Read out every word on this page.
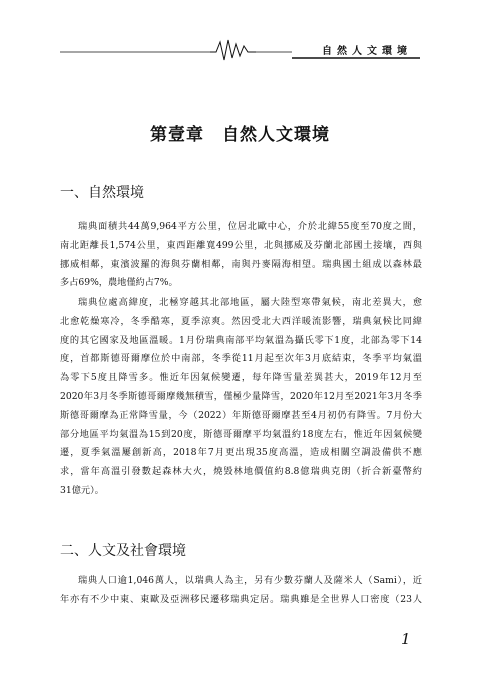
自然人文環境
第壹章　自然人文環境
一、自然環境
瑞典面積共44萬9,964平方公里，位居北歐中心，介於北緯55度至70度之間，
南北距離長1,574公里，東西距離寬499公里，北與挪威及芬蘭北部國土接壤，西與
挪威相鄰，東濱波羅的海與芬蘭相鄰，南與丹麥隔海相望。瑞典國土組成以森林最
多占69%，農地僅約占7%。
瑞典位處高緯度，北極穿越其北部地區，屬大陸型寒帶氣候，南北差異大，愈
北愈乾燥寒冷，冬季酷寒，夏季涼爽。然因受北大西洋暖流影響，瑞典氣候比同緯
度的其它國家及地區溫暖。1月份瑞典南部平均氣溫為攝氏零下1度，北部為零下14
度，首都斯德哥爾摩位於中南部，冬季從11月起至次年3月底結束，冬季平均氣溫
為零下5度且降雪多。惟近年因氣候變遷，每年降雪量差異甚大，2019年12月至
2020年3月冬季斯德哥爾摩幾無積雪，僅極少量降雪，2020年12月至2021年3月冬季
斯德哥爾摩為正常降雪量，今（2022）年斯德哥爾摩甚至4月初仍有降雪。7月份大
部分地區平均氣溫為15到20度，斯德哥爾摩平均氣溫約18度左右，惟近年因氣候變
遷，夏季氣溫屢創新高，2018年7月更出現35度高溫，造成相關空調設備供不應
求，當年高溫引發數起森林大火，燒毀林地價值約8.8億瑞典克朗（折合新臺幣約
31億元）。
二、人文及社會環境
瑞典人口逾1,046萬人，以瑞典人為主，另有少數芬蘭人及薩米人（Sami），近
年亦有不少中東、東歐及亞洲移民遷移瑞典定居。瑞典雖是全世界人口密度（23人
1
